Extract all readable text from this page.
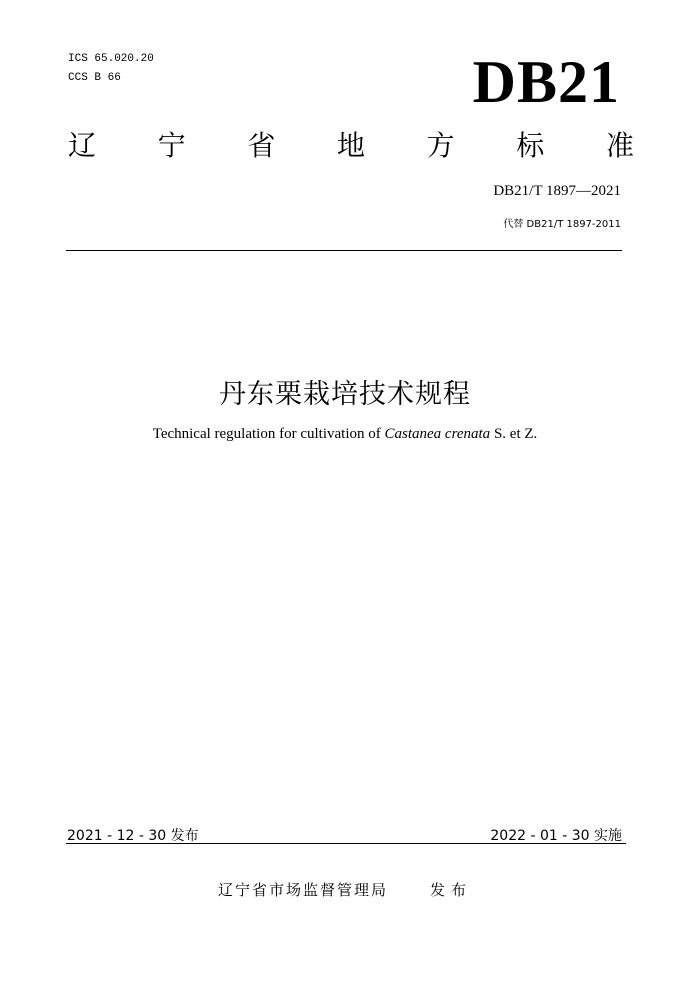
ICS 65.020.20
CCS B 66	DB21
辽 宁 省 地 方 标 准
DB21/T 1897—2021
代替 DB21/T 1897-2011
丹东栗栽培技术规程
Technical regulation for cultivation of Castanea crenata S. et Z.
2021 - 12 - 30 发布	2022 - 01 - 30 实施
辽宁省市场监督管理局	发布
